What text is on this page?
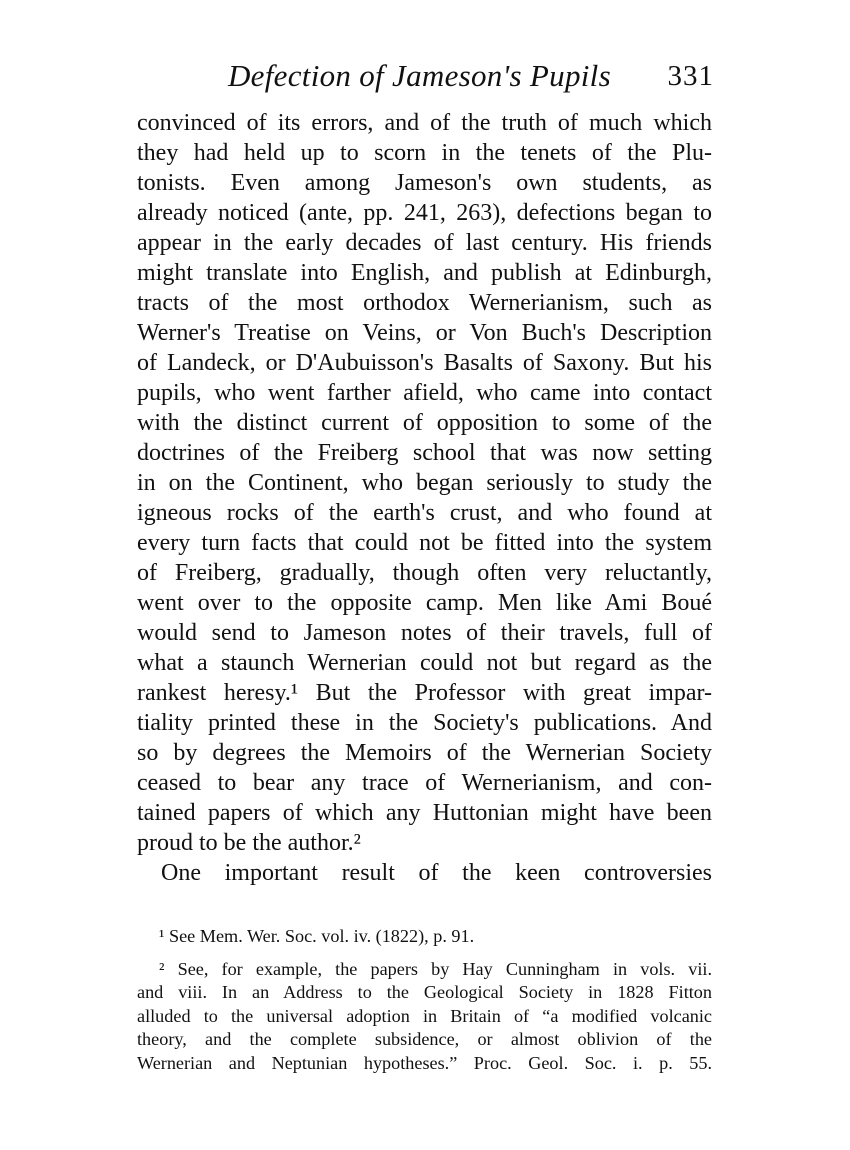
Defection of Jameson's Pupils 331
convinced of its errors, and of the truth of much which
they had held up to scorn in the tenets of the Plu-
tonists. Even among Jameson's own students, as
already noticed (ante, pp. 241, 263), defections began to
appear in the early decades of last century. His friends
might translate into English, and publish at Edinburgh,
tracts of the most orthodox Wernerianism, such as
Werner's Treatise on Veins, or Von Buch's Description
of Landeck, or D'Aubuisson's Basalts of Saxony. But his
pupils, who went farther afield, who came into contact
with the distinct current of opposition to some of the
doctrines of the Freiberg school that was now setting
in on the Continent, who began seriously to study the
igneous rocks of the earth's crust, and who found at
every turn facts that could not be fitted into the system
of Freiberg, gradually, though often very reluctantly,
went over to the opposite camp. Men like Ami Boué
would send to Jameson notes of their travels, full of
what a staunch Wernerian could not but regard as the
rankest heresy.¹ But the Professor with great impar-
tiality printed these in the Society's publications. And
so by degrees the Memoirs of the Wernerian Society
ceased to bear any trace of Wernerianism, and con-
tained papers of which any Huttonian might have been
proud to be the author.²
One important result of the keen controversies
¹ See Mem. Wer. Soc. vol. iv. (1822), p. 91.
² See, for example, the papers by Hay Cunningham in vols. vii.
and viii. In an Address to the Geological Society in 1828 Fitton
alluded to the universal adoption in Britain of “a modified volcanic
theory, and the complete subsidence, or almost oblivion of the
Wernerian and Neptunian hypotheses.” Proc. Geol. Soc. i. p. 55.
